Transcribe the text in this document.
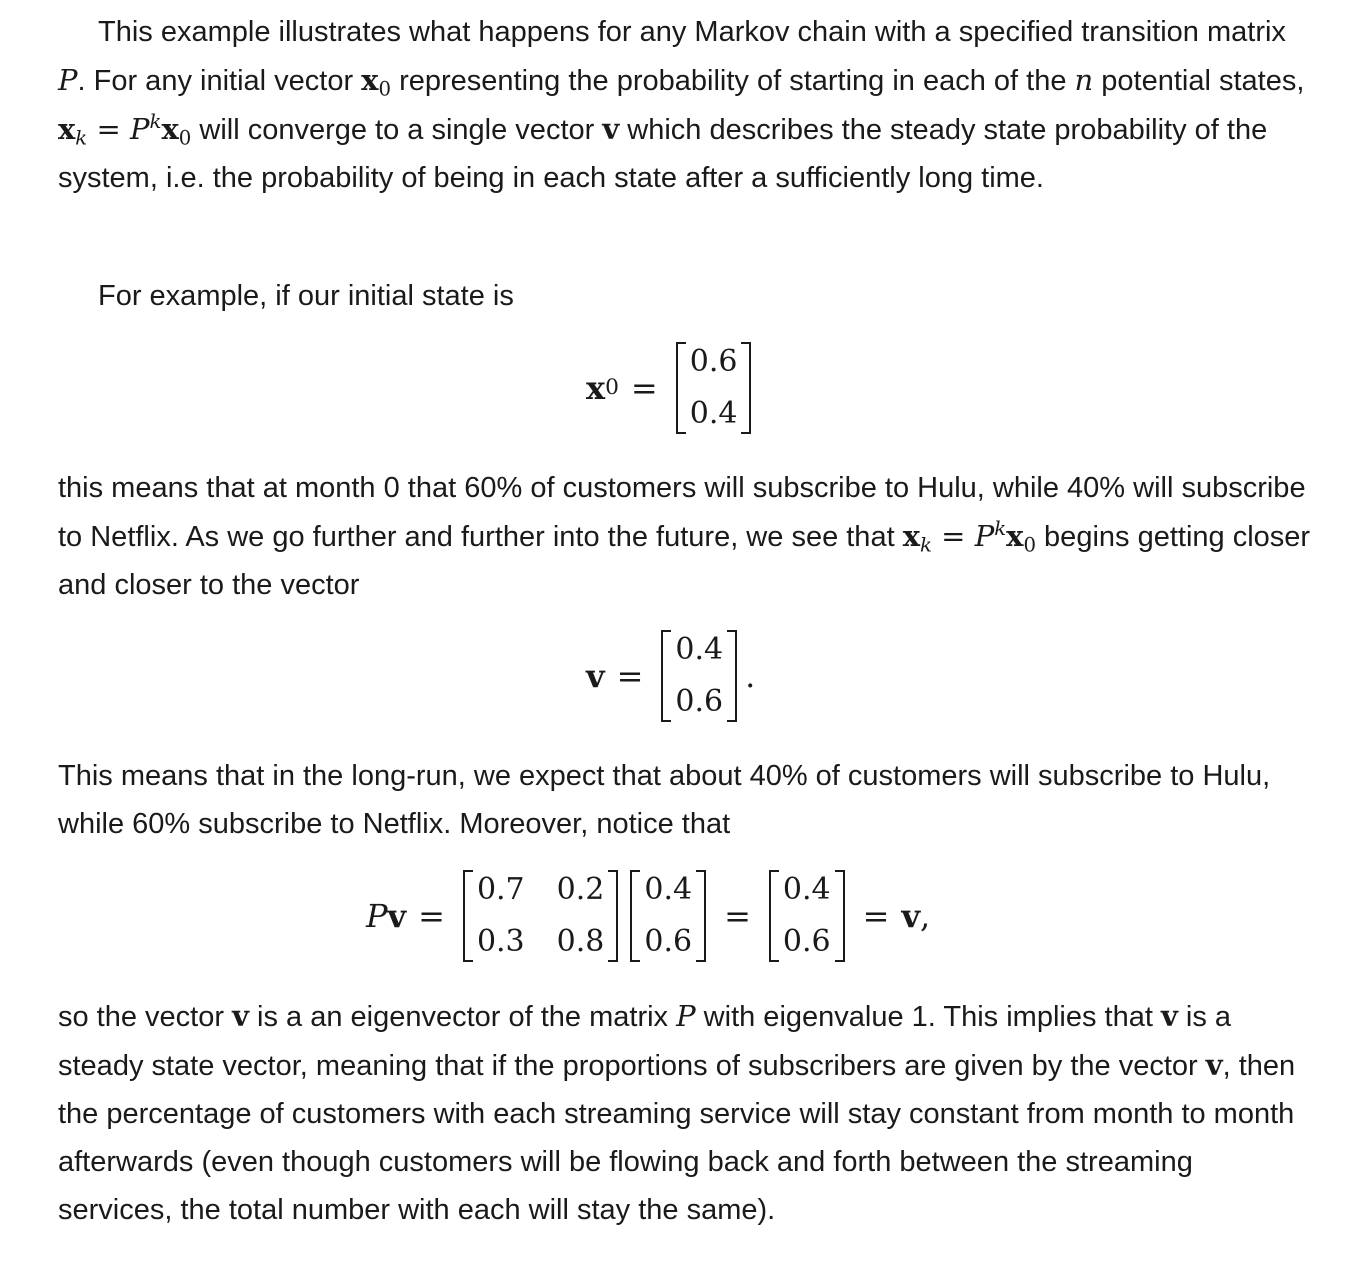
This example illustrates what happens for any Markov chain with a specified transition matrix P. For any initial vector $x_0$ representing the probability of starting in each of the n potential states, $x_k = P^kx_0$ will converge to a single vector v which describes the steady state probability of the system, i.e. the probability of being in each state after a sufficiently long time.

For example, if our initial state is

this means that at month 0 that 60% of customers will subscribe to Hulu, while 40% will subscribe to Netflix. As we go further and further into the future, we see that $x_k = P^kx_0$ begins getting closer and closer to the vector

This means that in the long-run, we expect that about 40% of customers will subscribe to Hulu, while 60% subscribe to Netflix. Moreover, notice that

so the vector v is a an eigenvector of the matrix P with eigenvalue 1. This implies that v is a steady state vector, meaning that if the proportions of subscribers are given by the vector v, then the percentage of customers with each streaming service will stay constant from month to month afterwards (even though customers will be flowing back and forth between the streaming services, the total number with each will stay the same).

x 0 =
0.6
0.4
v =
0.4
0.6
.
P v =
0.7 0.2
0.3 0.8
0.4
0.6
=
0.4
0.6
= v ,
